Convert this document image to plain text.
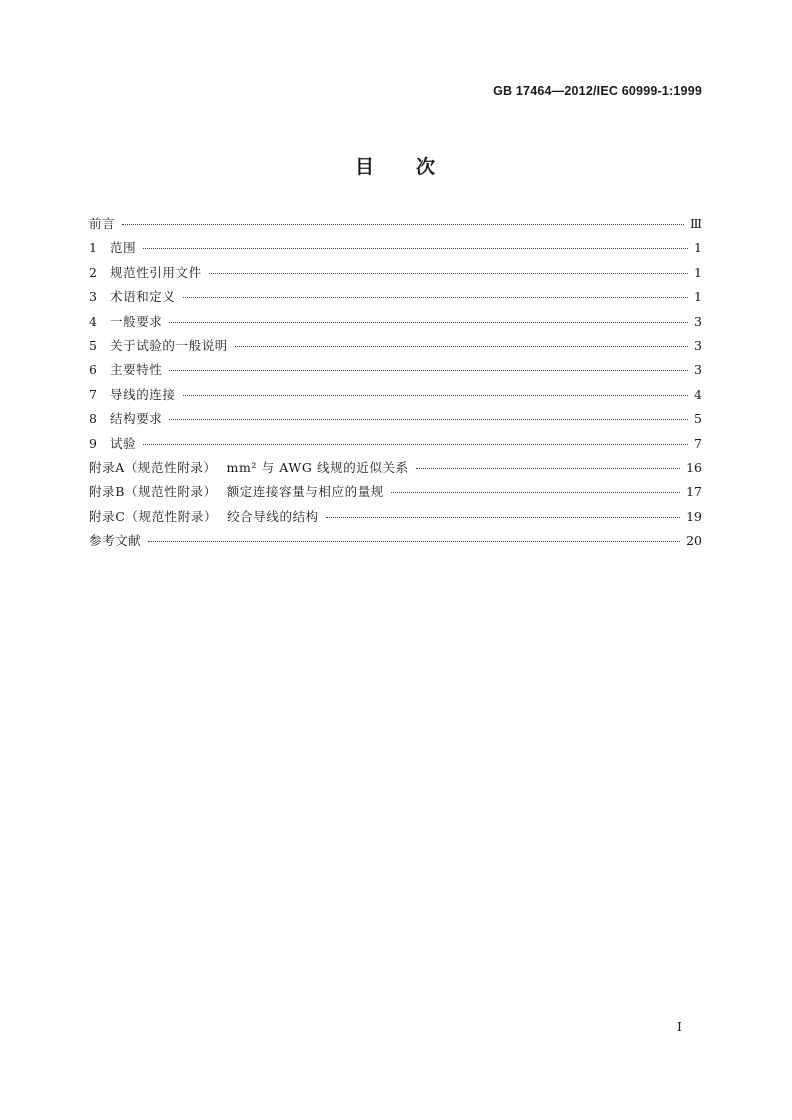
GB 17464—2012/IEC 60999-1:1999
目 次
前言	Ⅲ
1	范围	1
2	规范性引用文件	1
3	术语和定义	1
4	一般要求	3
5	关于试验的一般说明	3
6	主要特性	3
7	导线的连接	4
8	结构要求	5
9	试验	7
附录A（规范性附录） mm² 与 AWG 线规的近似关系	16
附录B（规范性附录） 额定连接容量与相应的量规	17
附录C（规范性附录） 绞合导线的结构	19
参考文献	20
I
